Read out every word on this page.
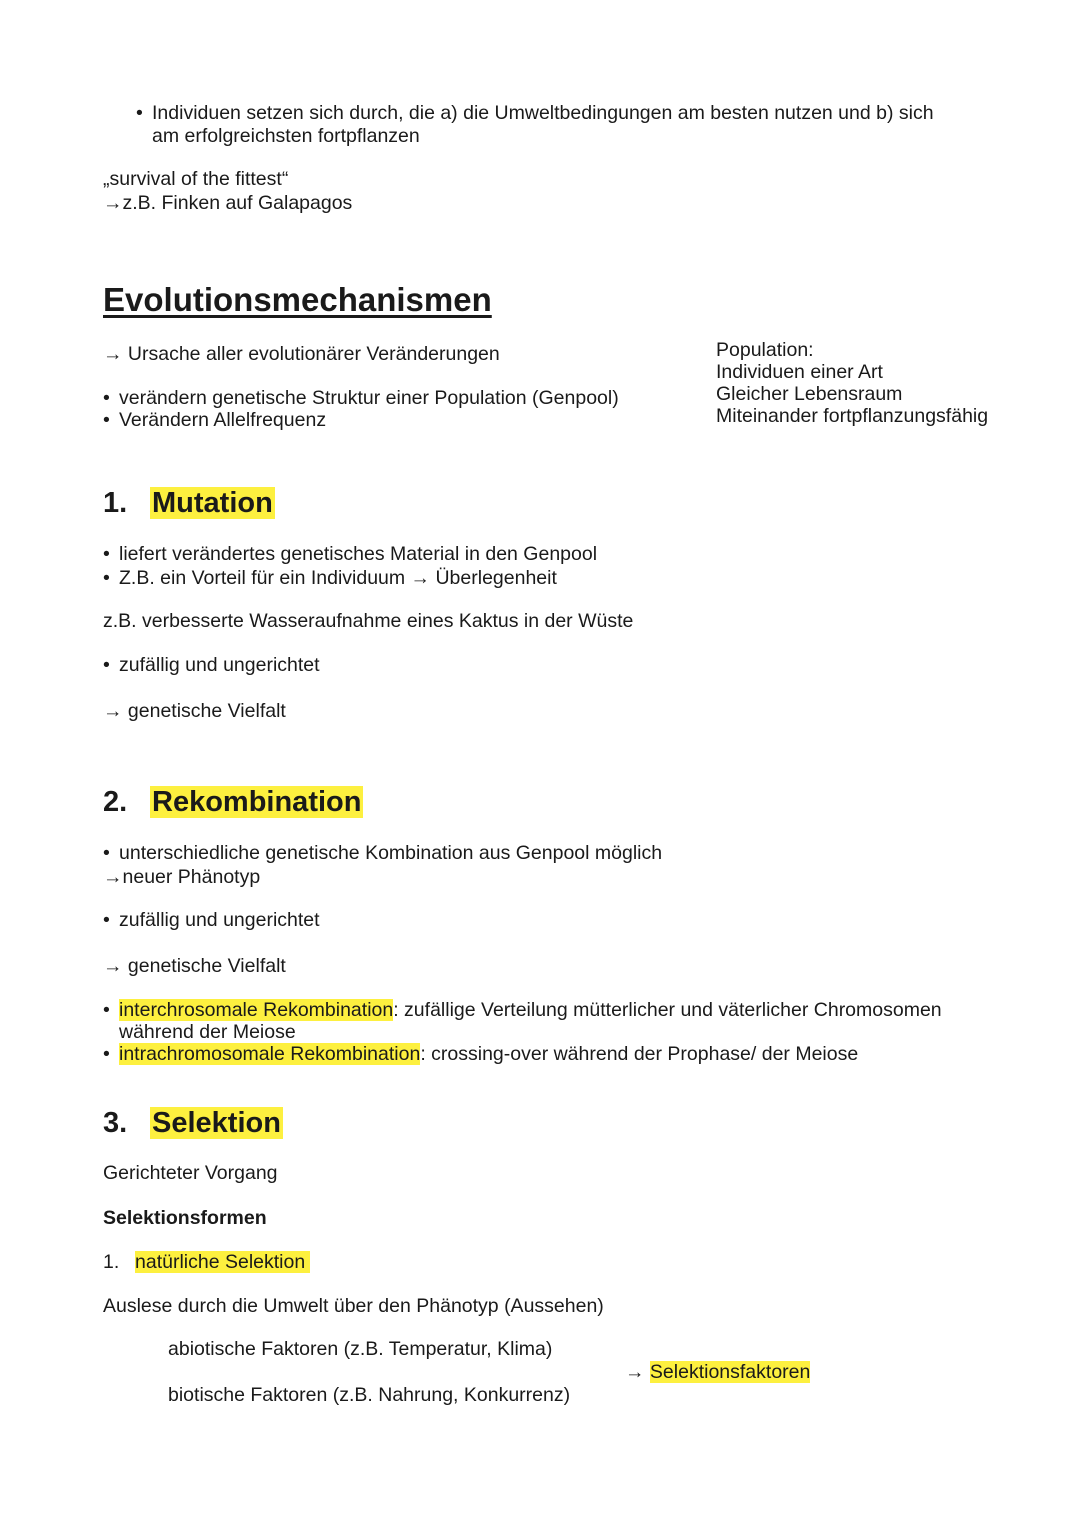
• Individuen setzen sich durch, die a) die Umweltbedingungen am besten nutzen und b) sich

am erfolgreichsten fortpflanzen

„survival of the fittest“

→z.B. Finken auf Galapagos

Evolutionsmechanismen

→ Ursache aller evolutionärer Veränderungen

• verändern genetische Struktur einer Population (Genpool)

• Verändern Allelfrequenz

Population:

Individuen einer Art

Gleicher Lebensraum

Miteinander fortpflanzungsfähig

1. Mutation
• liefert verändertes genetisches Material in den Genpool

• Z.B. ein Vorteil für ein Individuum → Überlegenheit

z.B. verbesserte Wasseraufnahme eines Kaktus in der Wüste

• zufällig und ungerichtet

→ genetische Vielfalt

2. Rekombination
• unterschiedliche genetische Kombination aus Genpool möglich

→neuer Phänotyp

• zufällig und ungerichtet

→ genetische Vielfalt

• interchrosomale Rekombination: zufällige Verteilung mütterlicher und väterlicher Chromosomen

während der Meiose

• intrachromosomale Rekombination: crossing-over während der Prophase/ der Meiose

3. Selektion

Gerichteter Vorgang

Selektionsformen

1. natürliche Selektion

Auslese durch die Umwelt über den Phänotyp (Aussehen)

abiotische Faktoren (z.B. Temperatur, Klima)

biotische Faktoren (z.B. Nahrung, Konkurrenz)

→ Selektionsfaktoren
